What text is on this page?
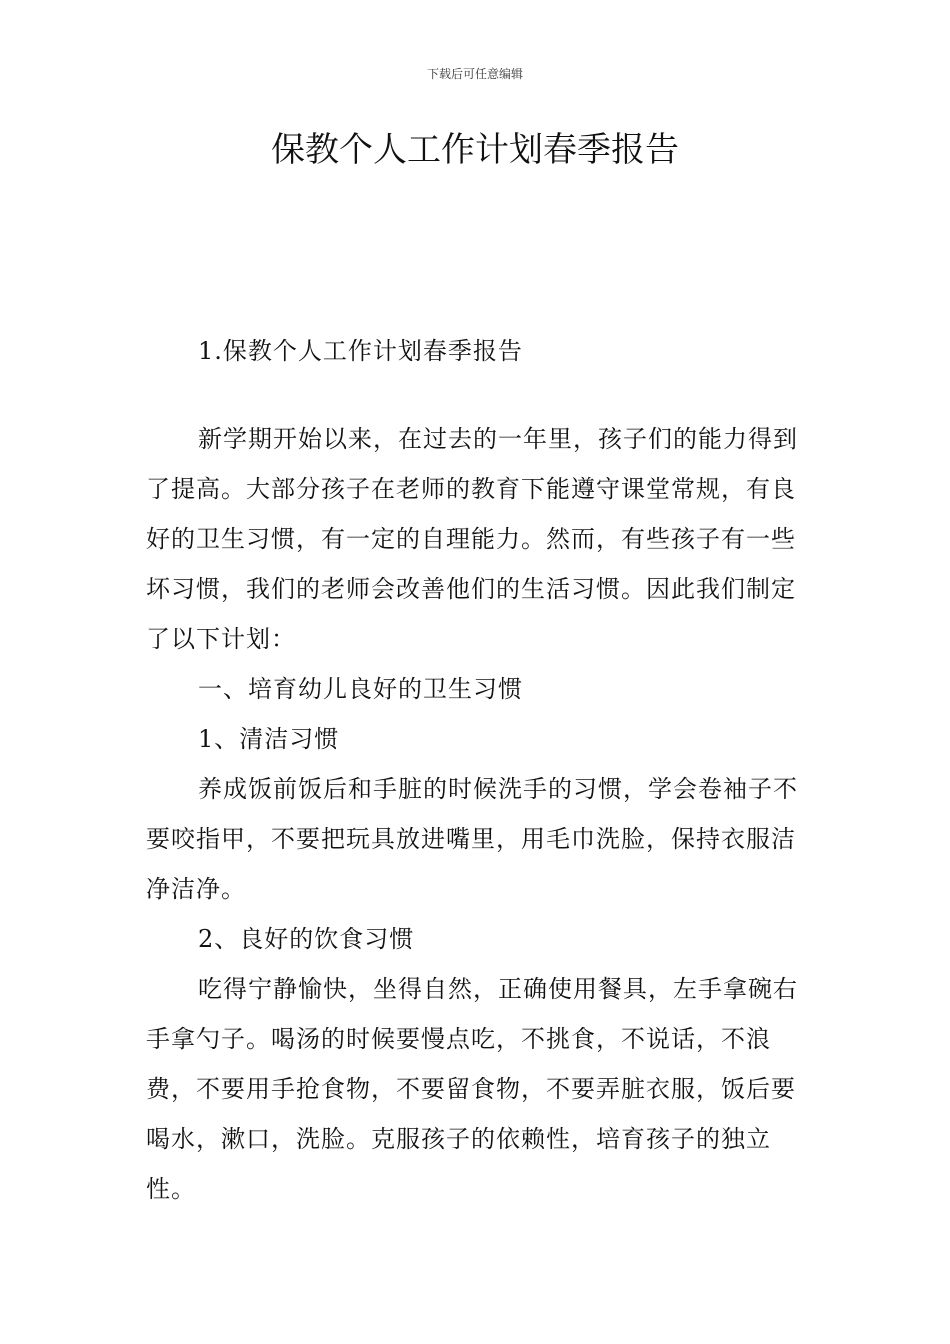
下载后可任意编辑
保教个人工作计划春季报告

1.保教个人工作计划春季报告

新学期开始以来，在过去的一年里，孩子们的能力得到了提高。大部分孩子在老师的教育下能遵守课堂常规，有良好的卫生习惯，有一定的自理能力。然而，有些孩子有一些坏习惯，我们的老师会改善他们的生活习惯。因此我们制定了以下计划：

一、培育幼儿良好的卫生习惯

1、清洁习惯

养成饭前饭后和手脏的时候洗手的习惯，学会卷袖子不要咬指甲，不要把玩具放进嘴里，用毛巾洗脸，保持衣服洁净洁净。

2、良好的饮食习惯

吃得宁静愉快，坐得自然，正确使用餐具，左手拿碗右手拿勺子。喝汤的时候要慢点吃，不挑食，不说话，不浪费，不要用手抢食物，不要留食物，不要弄脏衣服，饭后要喝水，漱口，洗脸。克服孩子的依赖性，培育孩子的独立性。
